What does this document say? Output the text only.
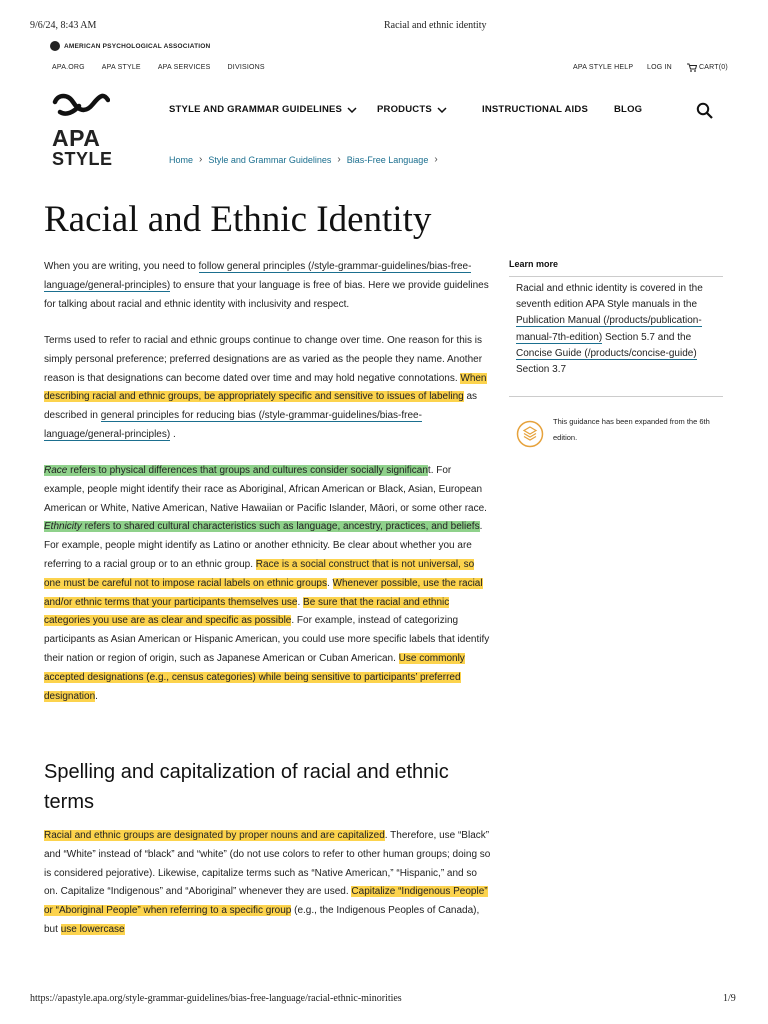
9/6/24, 8:43 AM	Racial and ethnic identity
AMERICAN PSYCHOLOGICAL ASSOCIATION
APA.ORG APA STYLE APA SERVICES DIVISIONS	APA STYLE HELP LOG IN	CART(0)
APA
STYLE
STYLE AND GRAMMAR GUIDELINES	PRODUCTS	INSTRUCTIONAL AIDS	BLOG
Home › Style and Grammar Guidelines › Bias-Free Language ›
Racial and Ethnic Identity
When you are writing, you need to follow general principles (/style-grammar-guidelines/bias-free-language/general-principles) to ensure that your language is free of bias. Here we provide guidelines for talking about racial and ethnic identity with inclusivity and respect.
Terms used to refer to racial and ethnic groups continue to change over time. One reason for this is simply personal preference; preferred designations are as varied as the people they name. Another reason is that designations can become dated over time and may hold negative connotations. When describing racial and ethnic groups, be appropriately specific and sensitive to issues of labeling as described in general principles for reducing bias (/style-grammar-guidelines/bias-free-language/general-principles) .
Race refers to physical differences that groups and cultures consider socially significant. For example, people might identify their race as Aboriginal, African American or Black, Asian, European American or White, Native American, Native Hawaiian or Pacific Islander, Māori, or some other race. Ethnicity refers to shared cultural characteristics such as language, ancestry, practices, and beliefs. For example, people might identify as Latino or another ethnicity. Be clear about whether you are referring to a racial group or to an ethnic group. Race is a social construct that is not universal, so one must be careful not to impose racial labels on ethnic groups. Whenever possible, use the racial and/or ethnic terms that your participants themselves use. Be sure that the racial and ethnic categories you use are as clear and specific as possible. For example, instead of categorizing participants as Asian American or Hispanic American, you could use more specific labels that identify their nation or region of origin, such as Japanese American or Cuban American. Use commonly accepted designations (e.g., census categories) while being sensitive to participants’ preferred designation.
Spelling and capitalization of racial and ethnic terms
Racial and ethnic groups are designated by proper nouns and are capitalized. Therefore, use “Black” and “White” instead of “black” and “white” (do not use colors to refer to other human groups; doing so is considered pejorative). Likewise, capitalize terms such as “Native American,” “Hispanic,” and so on. Capitalize “Indigenous” and “Aboriginal” whenever they are used. Capitalize “Indigenous People” or “Aboriginal People” when referring to a specific group (e.g., the Indigenous Peoples of Canada), but use lowercase
Learn more
Racial and ethnic identity is covered in the seventh edition APA Style manuals in the Publication Manual (/products/publication-manual-7th-edition) Section 5.7 and the Concise Guide (/products/concise-guide) Section 3.7
This guidance has been expanded from the 6th edition.
https://apastyle.apa.org/style-grammar-guidelines/bias-free-language/racial-ethnic-minorities	1/9
